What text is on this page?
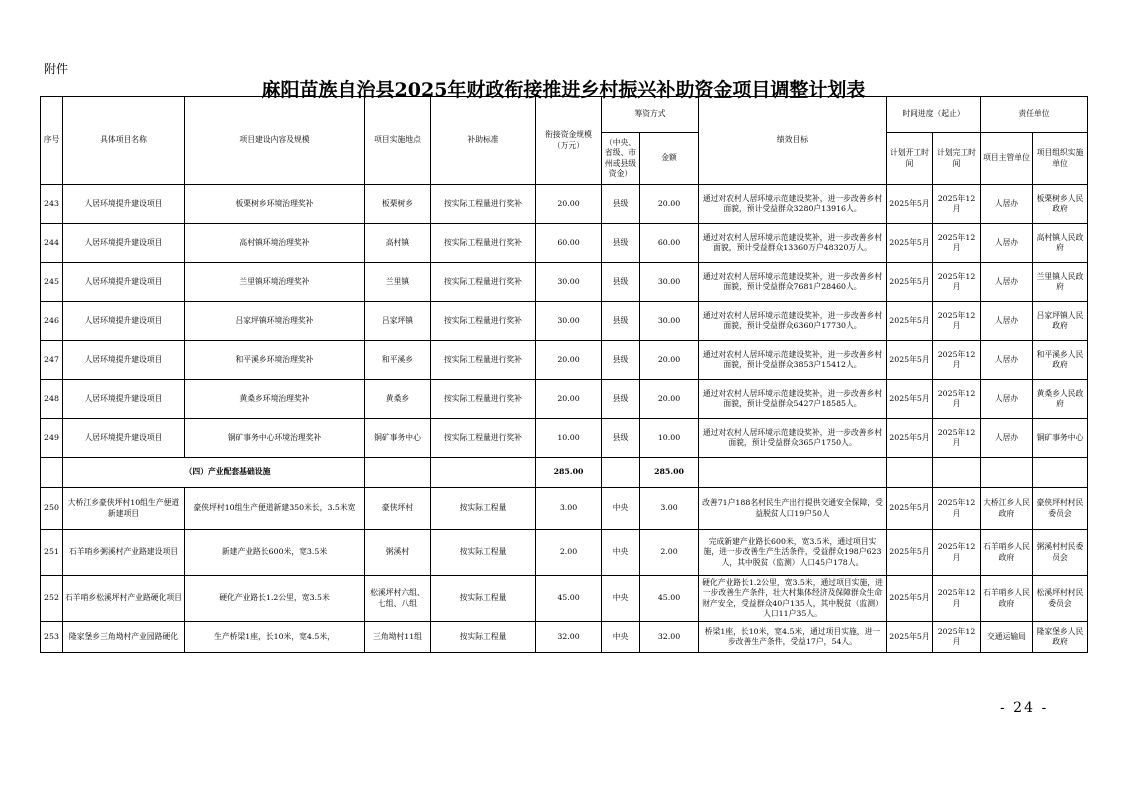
附件
麻阳苗族自治县2025年财政衔接推进乡村振兴补助资金项目调整计划表
序号	具体项目名称	项目建设内容及规模	项目实施地点	补助标准	衔接资金规模（万元）	筹资方式		绩效目标	时间进度（起止）		责任单位	
						（中央、省级、市州或县级资金）	金额		计划开工时间	计划完工时间	项目主管单位	项目组织实施单位
243	人居环境提升建设项目	板栗树乡环境治理奖补	板栗树乡	按实际工程量进行奖补	20.00	县级	20.00	通过对农村人居环境示范建设奖补，进一步改善乡村面貌，预计受益群众3280户13916人。	2025年5月	2025年12月	人居办	板栗树乡人民政府
244	人居环境提升建设项目	高村镇环境治理奖补	高村镇	按实际工程量进行奖补	60.00	县级	60.00	通过对农村人居环境示范建设奖补，进一步改善乡村面貌，预计受益群众13360万户48320万人。	2025年5月	2025年12月	人居办	高村镇人民政府
245	人居环境提升建设项目	兰里镇环境治理奖补	兰里镇	按实际工程量进行奖补	30.00	县级	30.00	通过对农村人居环境示范建设奖补，进一步改善乡村面貌，预计受益群众7681户28460人。	2025年5月	2025年12月	人居办	兰里镇人民政府
246	人居环境提升建设项目	吕家坪镇环境治理奖补	吕家坪镇	按实际工程量进行奖补	30.00	县级	30.00	通过对农村人居环境示范建设奖补，进一步改善乡村面貌，预计受益群众6360户17730人。	2025年5月	2025年12月	人居办	吕家坪镇人民政府
247	人居环境提升建设项目	和平溪乡环境治理奖补	和平溪乡	按实际工程量进行奖补	20.00	县级	20.00	通过对农村人居环境示范建设奖补，进一步改善乡村面貌，预计受益群众3853户15412人。	2025年5月	2025年12月	人居办	和平溪乡人民政府
248	人居环境提升建设项目	黄桑乡环境治理奖补	黄桑乡	按实际工程量进行奖补	20.00	县级	20.00	通过对农村人居环境示范建设奖补，进一步改善乡村面貌，预计受益群众5427户18585人。	2025年5月	2025年12月	人居办	黄桑乡人民政府
249	人居环境提升建设项目	铜矿事务中心环境治理奖补	铜矿事务中心	按实际工程量进行奖补	10.00	县级	10.00	通过对农村人居环境示范建设奖补，进一步改善乡村面貌，预计受益群众365户1750人。	2025年5月	2025年12月	人居办	铜矿事务中心
	（四）产业配套基础设施				285.00		285.00					
250	大桥江乡豪侠坪村10组生产便道新建项目	豪侠坪村10组生产便道新建350米长，3.5米宽	豪侠坪村	按实际工程量	3.00	中央	3.00	改善71户188名村民生产出行提供交通安全保障，受益脱贫人口19户50人	2025年5月	2025年12月	大桥江乡人民政府	豪侠坪村村民委员会
251	石羊哨乡粥溪村产业路建设项目	新建产业路长600米，宽3.5米	粥溪村	按实际工程量	2.00	中央	2.00	完成新建产业路长600米，宽3.5米，通过项目实施，进一步改善生产生活条件，受益群众198户623人，其中脱贫（监测）人口45户178人。	2025年5月	2025年12月	石羊哨乡人民政府	粥溪村村民委员会
252	石羊哨乡松溪坪村产业路硬化项目	硬化产业路长1.2公里，宽3.5米	松溪坪村六组、七组、八组	按实际工程量	45.00	中央	45.00	硬化产业路长1.2公里，宽3.5米，通过项目实施，进一步改善生产条件，壮大村集体经济及保障群众生命财产安全，受益群众40户135人，其中脱贫（监测）人口11户35人。	2025年5月	2025年12月	石羊哨乡人民政府	松溪坪村村民委员会
253	隆家堡乡三角坳村产业园路硬化	生产桥梁1座，长10米，宽4.5米，	三角坳村11组	按实际工程量	32.00	中央	32.00	桥梁1座，长10米，宽4.5米，通过项目实施，进一步改善生产条件，受益17户，54人。	2025年5月	2025年12月	交通运输局	隆家堡乡人民政府
- 24 -
